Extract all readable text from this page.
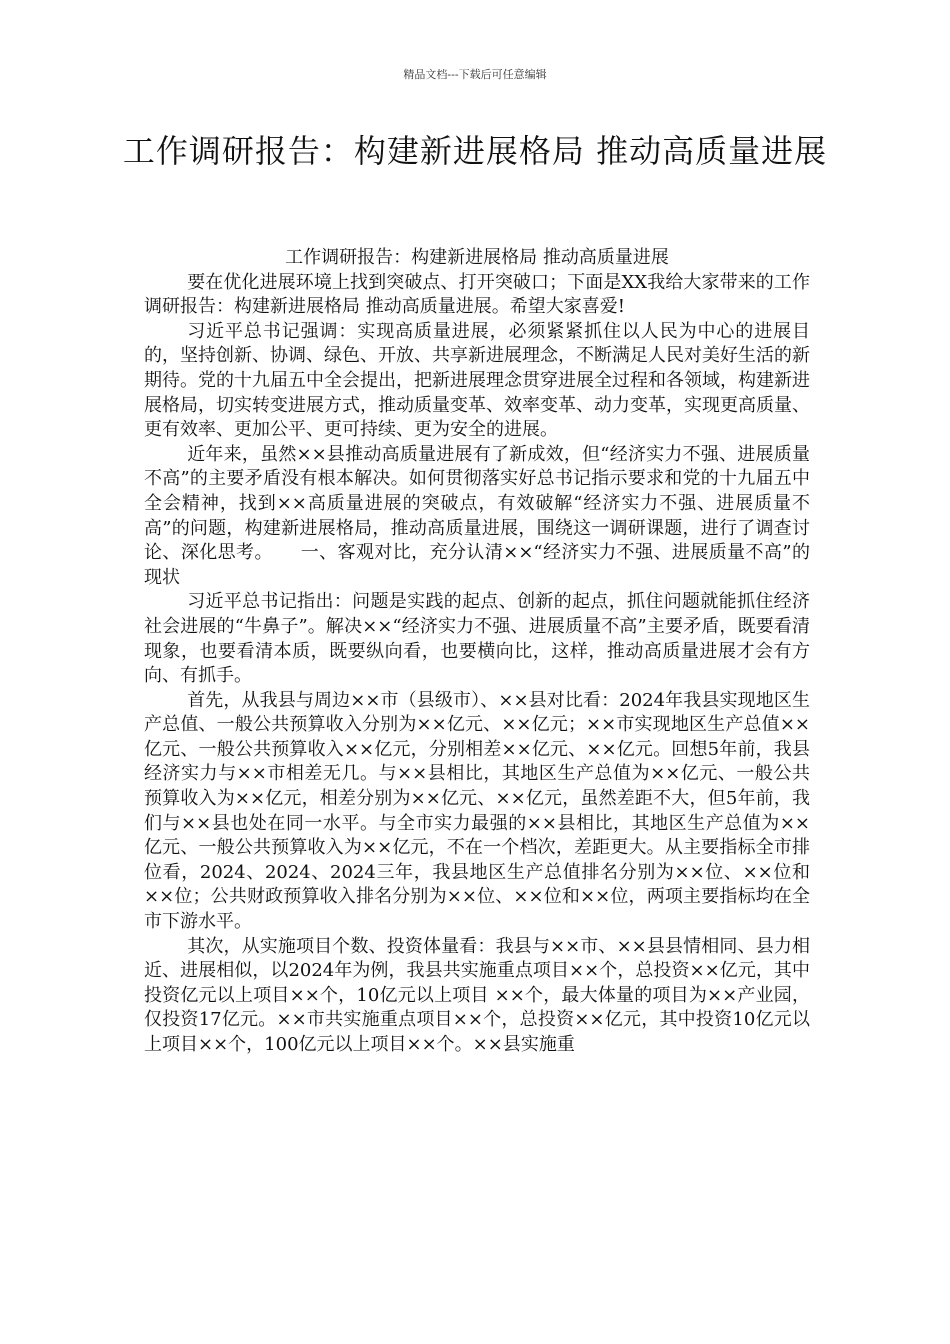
精品文档---下载后可任意编辑
工作调研报告：构建新进展格局 推动高质量进展
工作调研报告：构建新进展格局 推动高质量进展

要在优化进展环境上找到突破点、打开突破口；下面是XX我给大家带来的工作调研报告：构建新进展格局 推动高质量进展。希望大家喜爱!

习近平总书记强调：实现高质量进展，必须紧紧抓住以人民为中心的进展目的，坚持创新、协调、绿色、开放、共享新进展理念，不断满足人民对美好生活的新期待。党的十九届五中全会提出，把新进展理念贯穿进展全过程和各领域，构建新进展格局，切实转变进展方式，推动质量变革、效率变革、动力变革，实现更高质量、更有效率、更加公平、更可持续、更为安全的进展。

近年来，虽然××县推动高质量进展有了新成效，但“经济实力不强、进展质量不高”的主要矛盾没有根本解决。如何贯彻落实好总书记指示要求和党的十九届五中全会精神，找到××高质量进展的突破点，有效破解“经济实力不强、进展质量不高”的问题，构建新进展格局，推动高质量进展，围绕这一调研课题，进行了调查讨论、深化思考。　　一、客观对比，充分认清××“经济实力不强、进展质量不高”的现状

习近平总书记指出：问题是实践的起点、创新的起点，抓住问题就能抓住经济社会进展的“牛鼻子”。解决××“经济实力不强、进展质量不高”主要矛盾，既要看清现象，也要看清本质，既要纵向看，也要横向比，这样，推动高质量进展才会有方向、有抓手。

首先，从我县与周边××市（县级市）、××县对比看：2024年我县实现地区生产总值、一般公共预算收入分别为××亿元、××亿元；××市实现地区生产总值××亿元、一般公共预算收入××亿元，分别相差××亿元、××亿元。回想5年前，我县经济实力与××市相差无几。与××县相比，其地区生产总值为××亿元、一般公共预算收入为××亿元，相差分别为××亿元、××亿元，虽然差距不大，但5年前，我们与××县也处在同一水平。与全市实力最强的××县相比，其地区生产总值为××亿元、一般公共预算收入为××亿元，不在一个档次，差距更大。从主要指标全市排位看，2024、2024、2024三年，我县地区生产总值排名分别为××位、××位和××位；公共财政预算收入排名分别为××位、××位和××位，两项主要指标均在全市下游水平。

其次，从实施项目个数、投资体量看：我县与××市、××县县情相同、县力相近、进展相似，以2024年为例，我县共实施重点项目××个，总投资××亿元，其中投资亿元以上项目××个，10亿元以上项目 ××个，最大体量的项目为××产业园，仅投资17亿元。××市共实施重点项目××个，总投资××亿元，其中投资10亿元以上项目××个，100亿元以上项目××个。××县实施重
